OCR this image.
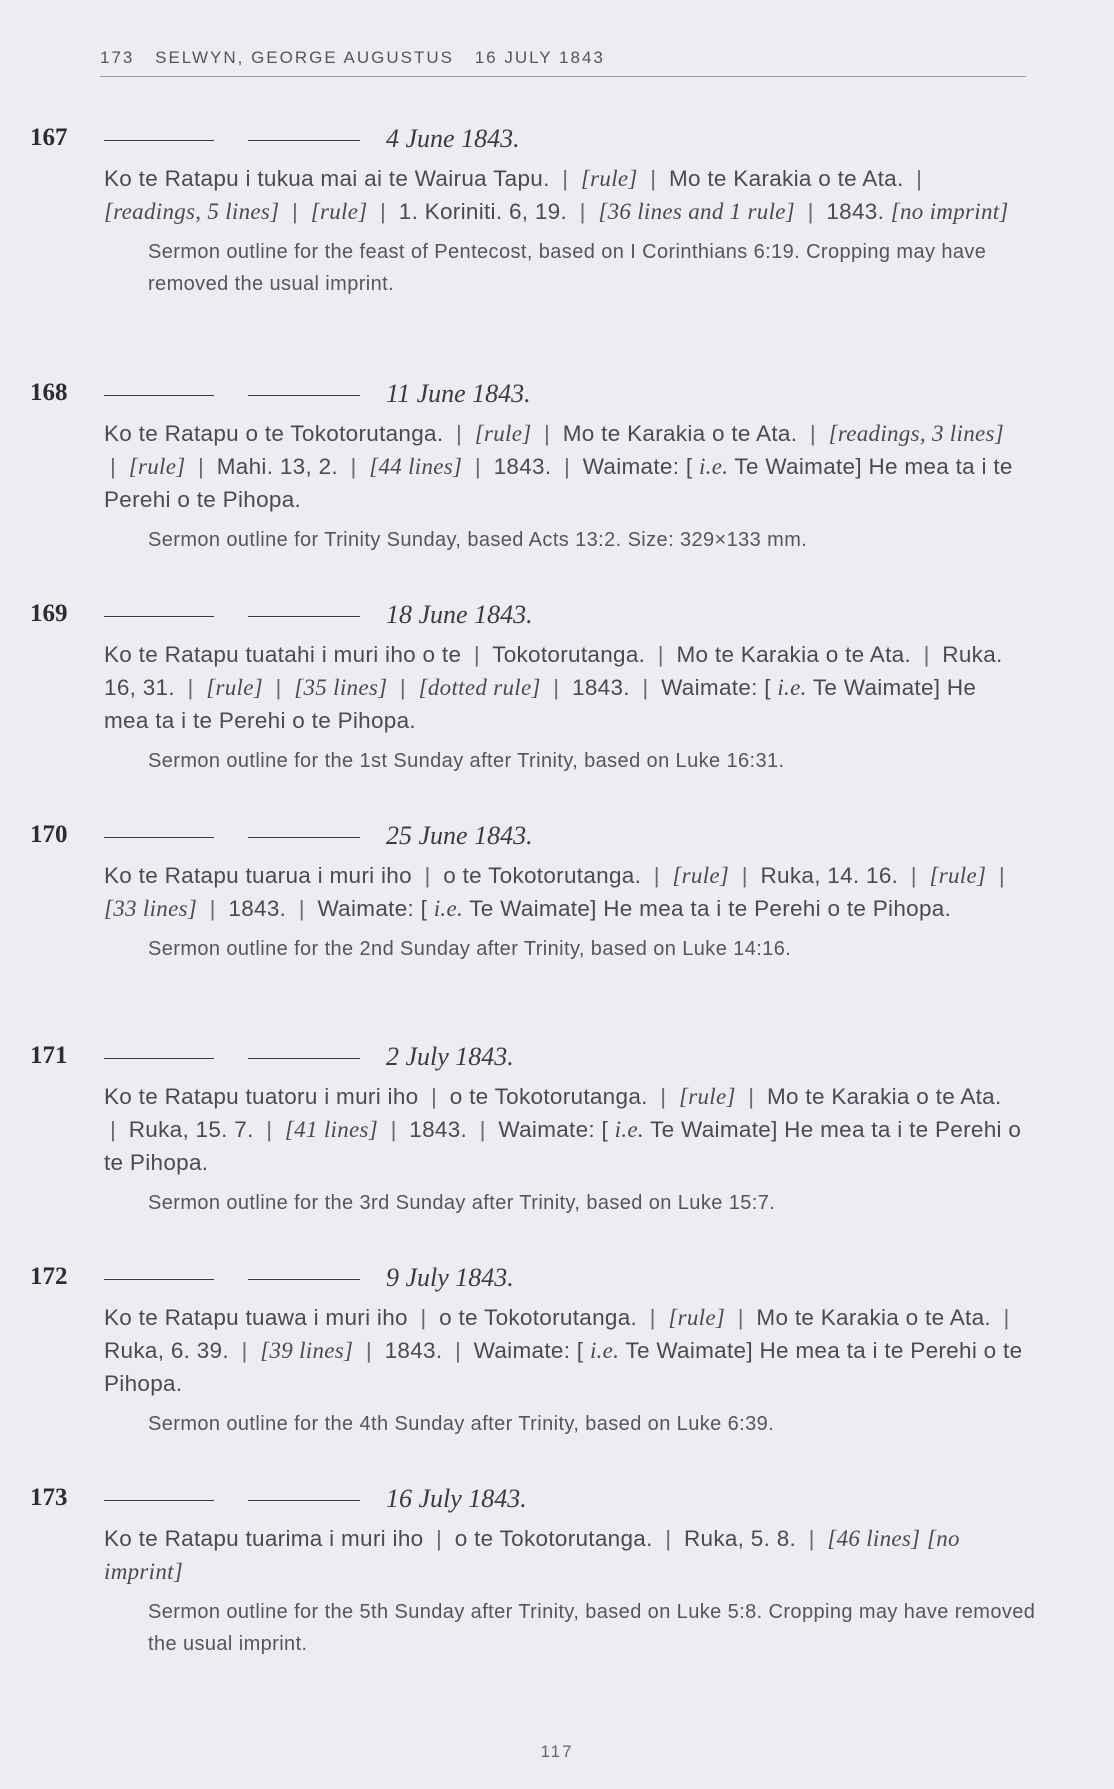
173 SELWYN, GEORGE AUGUSTUS 16 JULY 1843
167	4 June 1843.
Ko te Ratapu i tukua mai ai te Wairua Tapu. | [rule] | Mo te Karakia o te Ata. | [readings, 5 lines] | [rule] | 1. Koriniti. 6, 19. | [36 lines and 1 rule] | 1843. [no imprint]
Sermon outline for the feast of Pentecost, based on I Corinthians 6:19. Cropping may have removed the usual imprint.
168	11 June 1843.
Ko te Ratapu o te Tokotorutanga. | [rule] | Mo te Karakia o te Ata. | [readings, 3 lines] | [rule] | Mahi. 13, 2. | [44 lines] | 1843. | Waimate: [ i.e. Te Waimate] He mea ta i te Perehi o te Pihopa.
Sermon outline for Trinity Sunday, based Acts 13:2. Size: 329×133 mm.
169	18 June 1843.
Ko te Ratapu tuatahi i muri iho o te | Tokotorutanga. | Mo te Karakia o te Ata. | Ruka. 16, 31. | [rule] | [35 lines] | [dotted rule] | 1843. | Waimate: [ i.e. Te Waimate] He mea ta i te Perehi o te Pihopa.
Sermon outline for the 1st Sunday after Trinity, based on Luke 16:31.
170	25 June 1843.
Ko te Ratapu tuarua i muri iho | o te Tokotorutanga. | [rule] | Ruka, 14. 16. | [rule] | [33 lines] | 1843. | Waimate: [ i.e. Te Waimate] He mea ta i te Perehi o te Pihopa.
Sermon outline for the 2nd Sunday after Trinity, based on Luke 14:16.
171	2 July 1843.
Ko te Ratapu tuatoru i muri iho | o te Tokotorutanga. | [rule] | Mo te Karakia o te Ata. | Ruka, 15. 7. | [41 lines] | 1843. | Waimate: [ i.e. Te Waimate] He mea ta i te Perehi o te Pihopa.
Sermon outline for the 3rd Sunday after Trinity, based on Luke 15:7.
172	9 July 1843.
Ko te Ratapu tuawa i muri iho | o te Tokotorutanga. | [rule] | Mo te Karakia o te Ata. | Ruka, 6. 39. | [39 lines] | 1843. | Waimate: [ i.e. Te Waimate] He mea ta i te Perehi o te Pihopa.
Sermon outline for the 4th Sunday after Trinity, based on Luke 6:39.
173	16 July 1843.
Ko te Ratapu tuarima i muri iho | o te Tokotorutanga. | Ruka, 5. 8. | [46 lines] [no imprint]
Sermon outline for the 5th Sunday after Trinity, based on Luke 5:8. Cropping may have removed the usual imprint.
117
